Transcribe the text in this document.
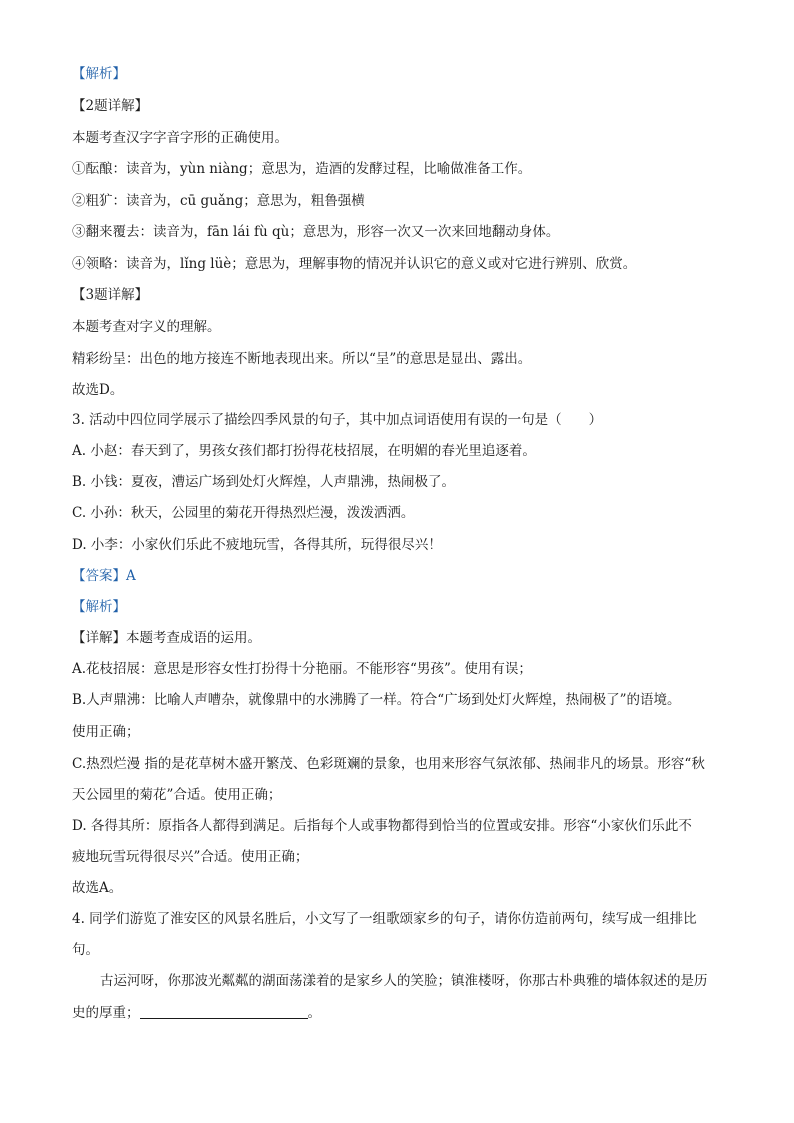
【解析】
【2题详解】
本题考查汉字字音字形的正确使用。
①酝酿：读音为，yùn niàng；意思为，造酒的发酵过程，比喻做准备工作。
②粗犷：读音为，cū guǎng；意思为，粗鲁强横
③翻来覆去：读音为，fān lái fù qù；意思为，形容一次又一次来回地翻动身体。
④领略：读音为，lǐng lüè；意思为，理解事物的情况并认识它的意义或对它进行辨别、欣赏。
【3题详解】
本题考查对字义的理解。
精彩纷呈：出色的地方接连不断地表现出来。所以“呈”的意思是显出、露出。
故选D。
3. 活动中四位同学展示了描绘四季风景的句子，其中加点词语使用有误的一句是（　　）
A. 小赵：春天到了，男孩女孩们都打扮得花枝招展，在明媚的春光里追逐着。
B. 小钱：夏夜，漕运广场到处灯火辉煌，人声鼎沸，热闹极了。
C. 小孙：秋天，公园里的菊花开得热烈烂漫，泼泼洒洒。
D. 小李：小家伙们乐此不疲地玩雪，各得其所，玩得很尽兴！
【答案】A
【解析】
【详解】本题考查成语的运用。
A.花枝招展：意思是形容女性打扮得十分艳丽。不能形容“男孩”。使用有误；
B.人声鼎沸：比喻人声嘈杂，就像鼎中的水沸腾了一样。符合“广场到处灯火辉煌，热闹极了”的语境。
使用正确；
C.热烈烂漫 指的是花草树木盛开繁茂、色彩斑斓的景象，也用来形容气氛浓郁、热闹非凡的场景。形容“秋
天公园里的菊花”合适。使用正确；
D. 各得其所：原指各人都得到满足。后指每个人或事物都得到恰当的位置或安排。形容“小家伙们乐此不
疲地玩雪玩得很尽兴”合适。使用正确；
故选A。
4. 同学们游览了淮安区的风景名胜后，小文写了一组歌颂家乡的句子，请你仿造前两句，续写成一组排比
句。
古运河呀，你那波光粼粼的湖面荡漾着的是家乡人的笑脸；镇淮楼呀，你那古朴典雅的墙体叙述的是历
史的厚重；	。
